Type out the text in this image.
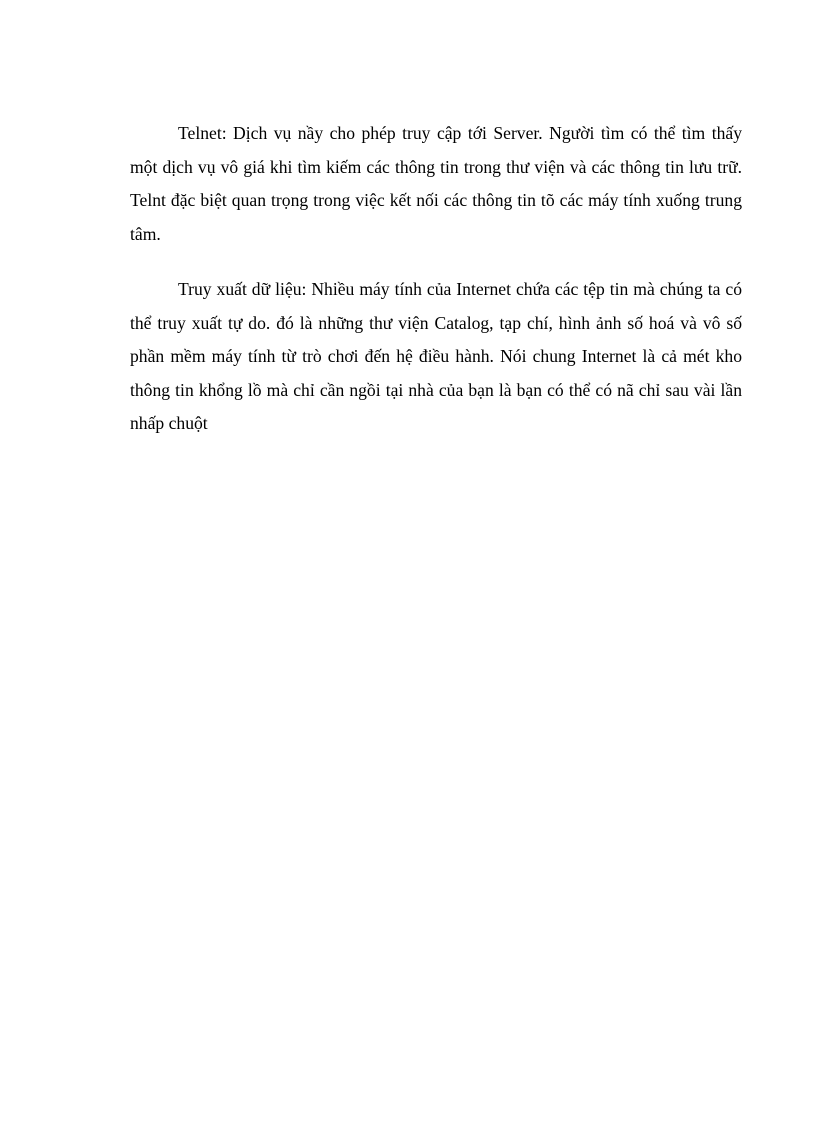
Telnet: Dịch vụ nầy cho phép truy cập tới Server. Người tìm có thể tìm thấy một dịch vụ vô giá khi tìm kiếm các thông tin trong thư viện và các thông tin lưu trữ. Telnt đặc biệt quan trọng trong việc kết nối các thông tin tõ các máy tính xuống trung tâm.

Truy xuất dữ liệu: Nhiều máy tính của Internet chứa các tệp tin mà chúng ta có thể truy xuất tự do. đó là những thư viện Catalog, tạp chí, hình ảnh số hoá và vô số phần mềm máy tính từ trò chơi đến hệ điều hành. Nói chung Internet là cả mét kho thông tin khổng lồ mà chỉ cần ngồi tại nhà của bạn là bạn có thể có nã chỉ sau vài lần nhấp chuột
